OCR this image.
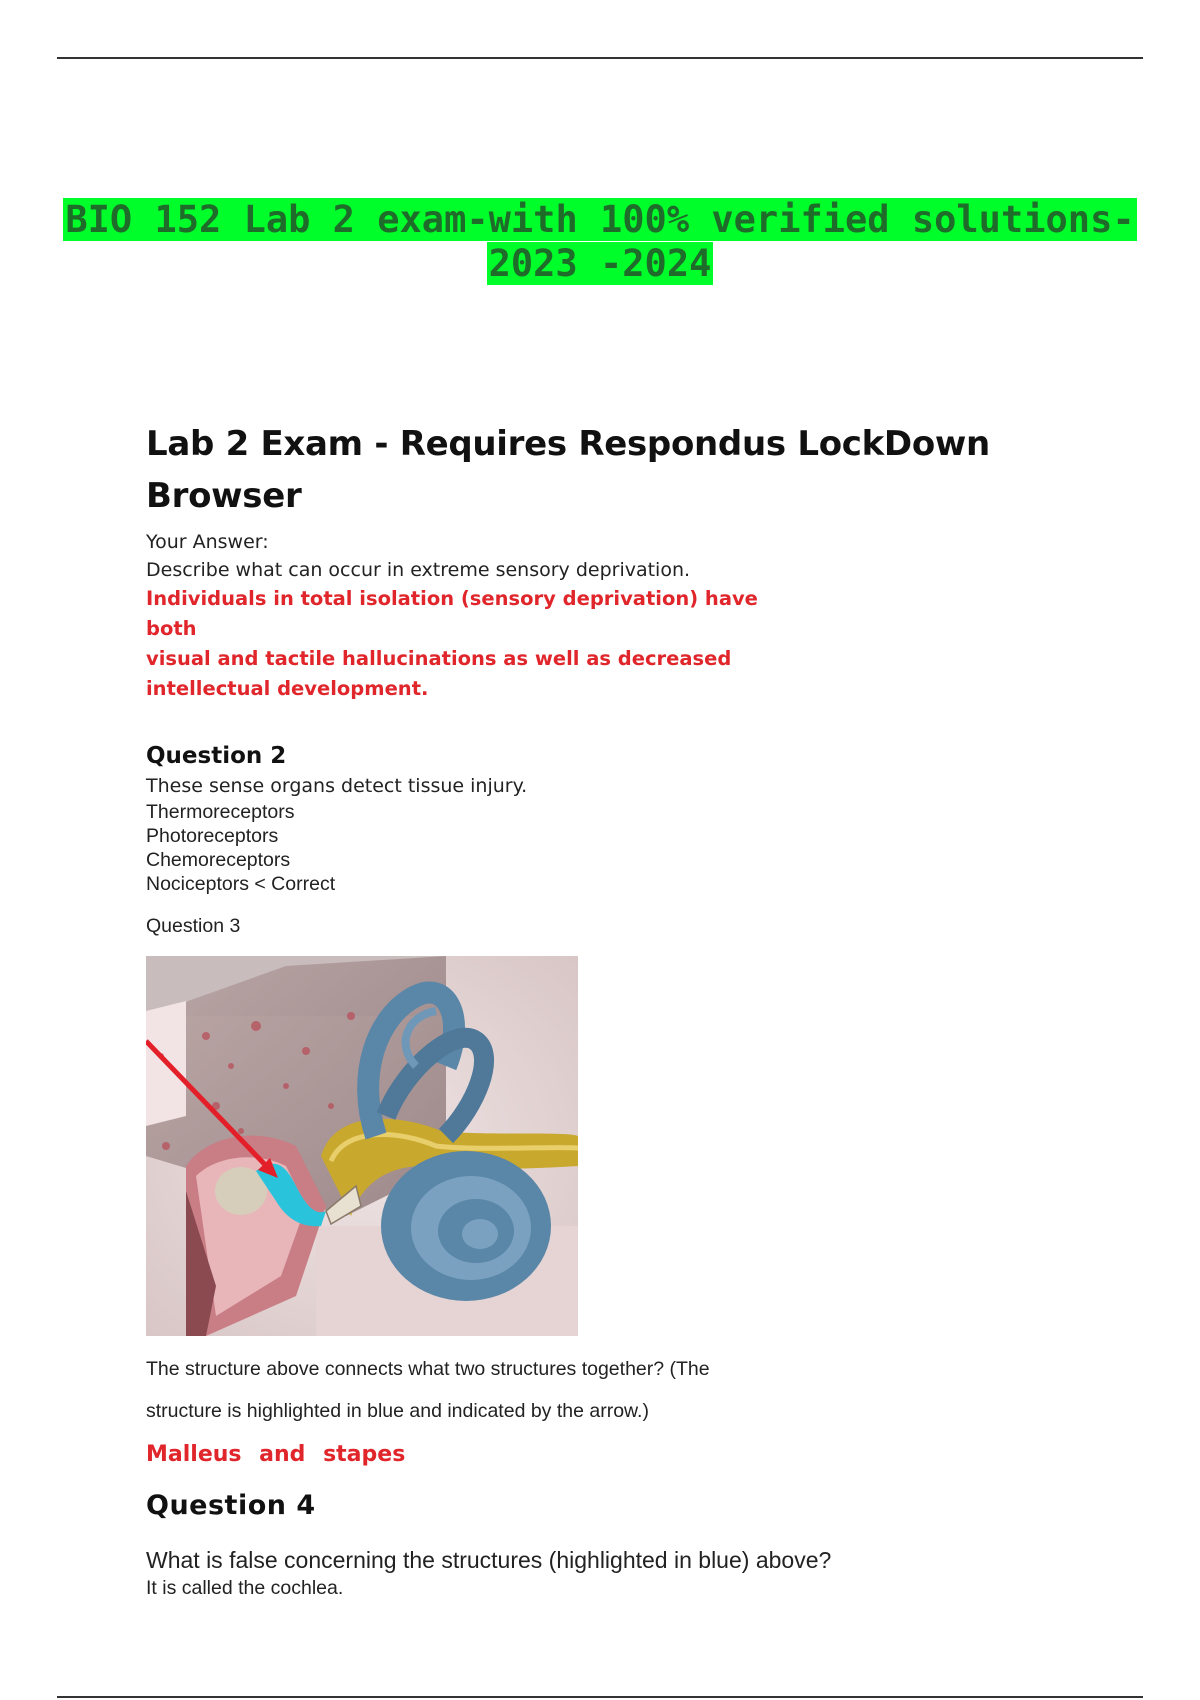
BIO 152 Lab 2 exam-with 100% verified solutions-
2023 -2024
Lab 2 Exam - Requires Respondus LockDown
Browser
Your Answer:
Describe what can occur in extreme sensory deprivation.
Individuals in total isolation (sensory deprivation) have both
visual and tactile hallucinations as well as decreased
intellectual development.
Question 2
These sense organs detect tissue injury.
Thermoreceptors
Photoreceptors
Chemoreceptors
Nociceptors < Correct
Question 3
The structure above connects what two structures together? (The
structure is highlighted in blue and indicated by the arrow.)
Malleus and stapes
Question 4
What is false concerning the structures (highlighted in blue) above?
It is called the cochlea.
